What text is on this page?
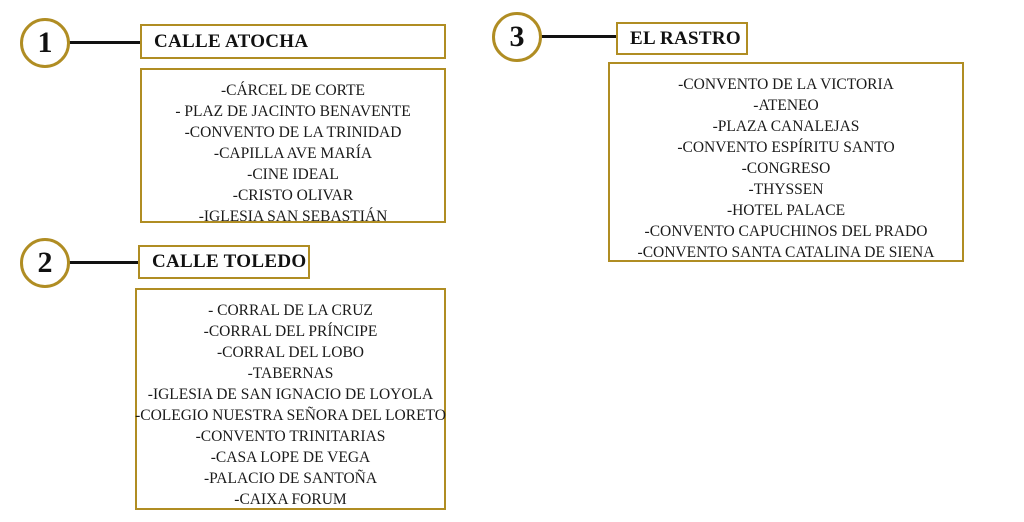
1	CALLE ATOCHA
-CÁRCEL DE CORTE
- PLAZ DE JACINTO BENAVENTE
-CONVENTO DE LA TRINIDAD
-CAPILLA AVE MARÍA
-CINE IDEAL
-CRISTO OLIVAR
-IGLESIA SAN SEBASTIÁN
2	CALLE TOLEDO
- CORRAL DE LA CRUZ
-CORRAL DEL PRÍNCIPE
-CORRAL DEL LOBO
-TABERNAS
-IGLESIA DE SAN IGNACIO DE LOYOLA
-COLEGIO NUESTRA SEÑORA DEL LORETO
-CONVENTO TRINITARIAS
-CASA LOPE DE VEGA
-PALACIO DE SANTOÑA
-CAIXA FORUM
3	EL RASTRO
-CONVENTO DE LA VICTORIA
-ATENEO
-PLAZA CANALEJAS
-CONVENTO ESPÍRITU SANTO
-CONGRESO
-THYSSEN
-HOTEL PALACE
-CONVENTO CAPUCHINOS DEL PRADO
-CONVENTO SANTA CATALINA DE SIENA
